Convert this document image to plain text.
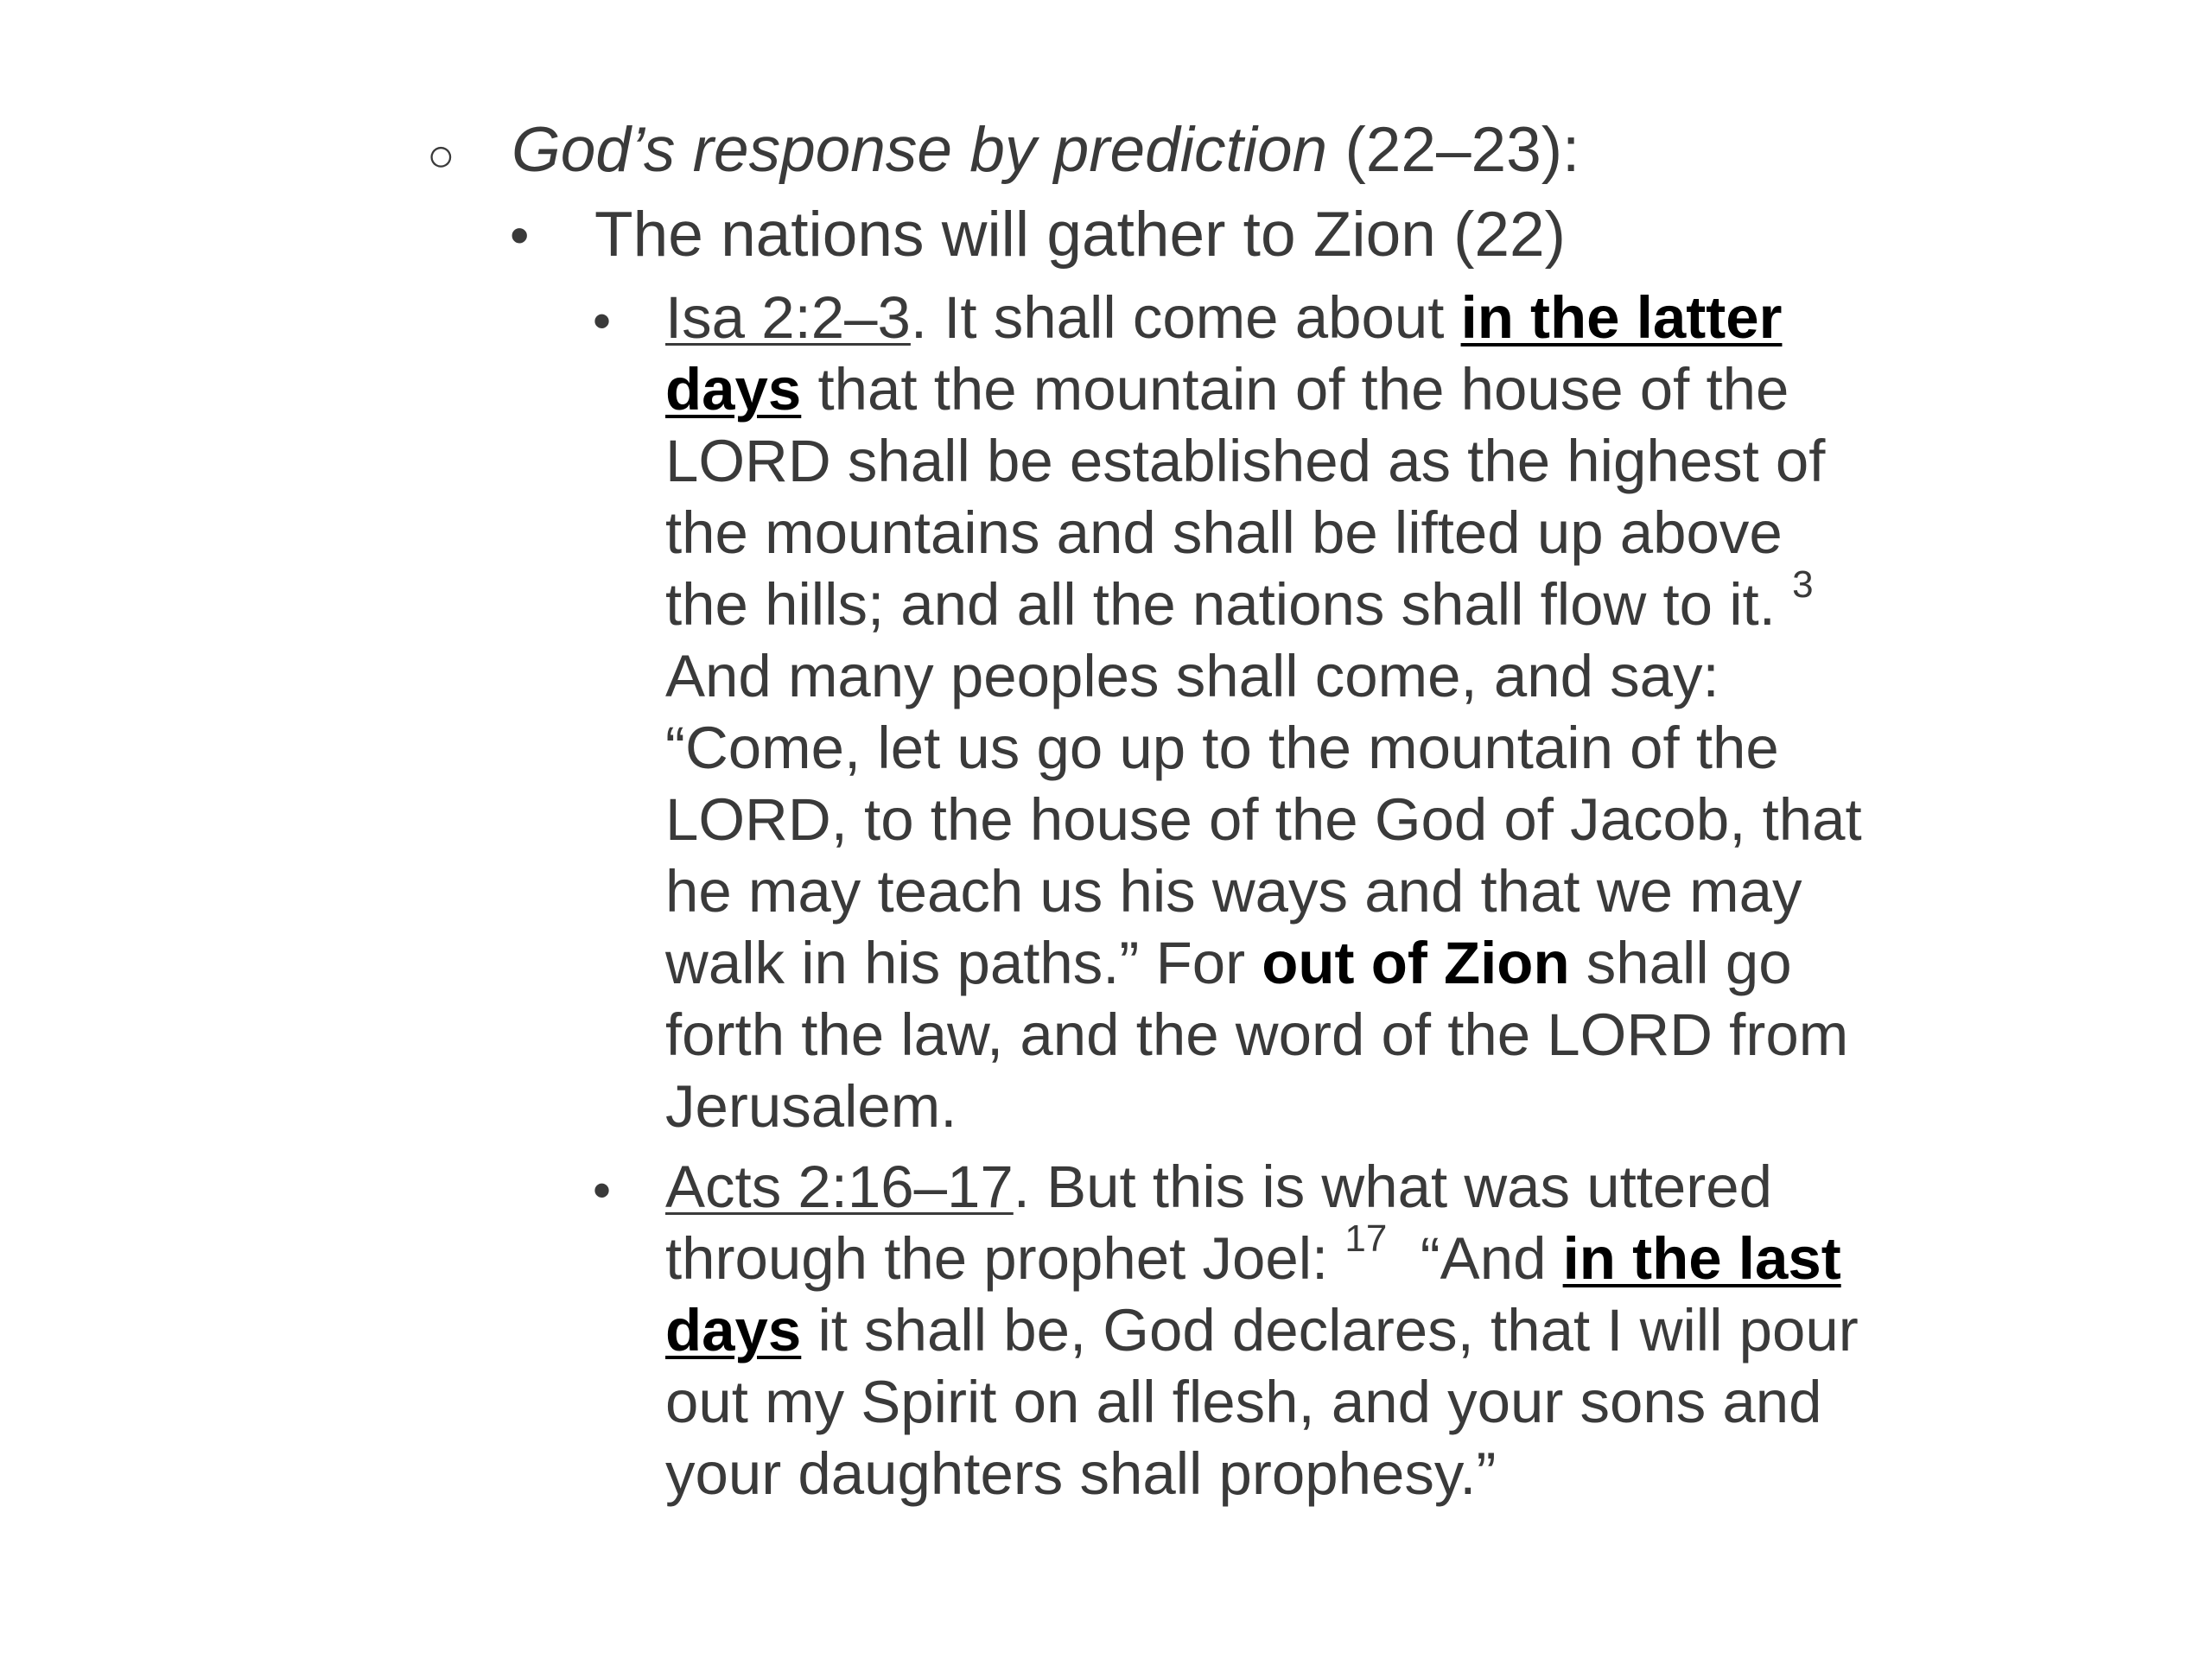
○ God’s response by prediction (22–23):
• The nations will gather to Zion (22)
• Isa 2:2–3. It shall come about in the latter
days that the mountain of the house of the
LORD shall be established as the highest of
the mountains and shall be lifted up above
the hills; and all the nations shall flow to it. $^3$
And many peoples shall come, and say:
“Come, let us go up to the mountain of the
LORD, to the house of the God of Jacob, that
he may teach us his ways and that we may
walk in his paths.” For out of Zion shall go
forth the law, and the word of the LORD from
Jerusalem.
• Acts 2:16–17. But this is what was uttered
through the prophet Joel: $^{17}$  “And in the last
days it shall be, God declares, that I will pour
out my Spirit on all flesh, and your sons and
your daughters shall prophesy.”
